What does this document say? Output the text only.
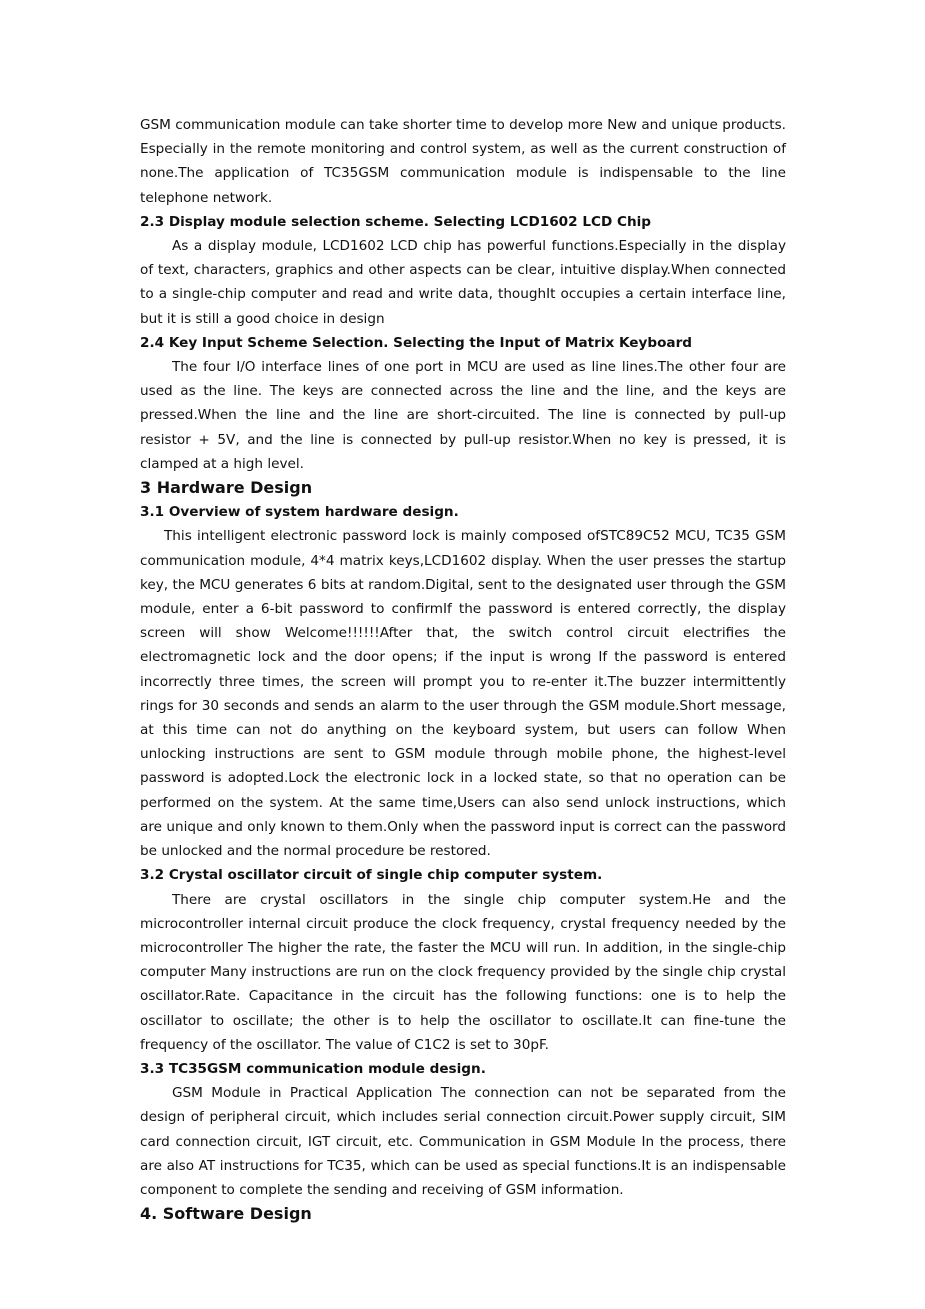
GSM communication module can take shorter time to develop more New and unique products. Especially in the remote monitoring and control system, as well as the current construction of none.The application of TC35GSM communication module is indispensable to the line telephone network.

2.3 Display module selection scheme. Selecting LCD1602 LCD Chip

As a display module, LCD1602 LCD chip has powerful functions.Especially in the display of text, characters, graphics and other aspects can be clear, intuitive display.When connected to a single-chip computer and read and write data, thoughIt occupies a certain interface line, but it is still a good choice in design

2.4 Key Input Scheme Selection. Selecting the Input of Matrix Keyboard

The four I/O interface lines of one port in MCU are used as line lines.The other four are used as the line. The keys are connected across the line and the line, and the keys are pressed.When the line and the line are short-circuited. The line is connected by pull-up resistor + 5V, and the line is connected by pull-up resistor.When no key is pressed, it is clamped at a high level.

3 Hardware Design
3.1 Overview of system hardware design.

This intelligent electronic password lock is mainly composed ofSTC89C52 MCU, TC35 GSM communication module, 4*4 matrix keys,LCD1602 display. When the user presses the startup key, the MCU generates 6 bits at random.Digital, sent to the designated user through the GSM module, enter a 6-bit password to confirmIf the password is entered correctly, the display screen will show Welcome!!!!!!After that, the switch control circuit electrifies the electromagnetic lock and the door opens; if the input is wrong If the password is entered incorrectly three times, the screen will prompt you to re-enter it.The buzzer intermittently rings for 30 seconds and sends an alarm to the user through the GSM module.Short message, at this time can not do anything on the keyboard system, but users can follow When unlocking instructions are sent to GSM module through mobile phone, the highest-level password is adopted.Lock the electronic lock in a locked state, so that no operation can be performed on the system. At the same time,Users can also send unlock instructions, which are unique and only known to them.Only when the password input is correct can the password be unlocked and the normal procedure be restored.

3.2 Crystal oscillator circuit of single chip computer system.

There are crystal oscillators in the single chip computer system.He and the microcontroller internal circuit produce the clock frequency, crystal frequency needed by the microcontroller The higher the rate, the faster the MCU will run. In addition, in the single-chip computer Many instructions are run on the clock frequency provided by the single chip crystal oscillator.Rate. Capacitance in the circuit has the following functions: one is to help the oscillator to oscillate; the other is to help the oscillator to oscillate.It can fine-tune the frequency of the oscillator. The value of C1C2 is set to 30pF.

3.3 TC35GSM communication module design.

GSM Module in Practical Application The connection can not be separated from the design of peripheral circuit, which includes serial connection circuit.Power supply circuit, SIM card connection circuit, IGT circuit, etc. Communication in GSM Module In the process, there are also AT instructions for TC35, which can be used as special functions.It is an indispensable component to complete the sending and receiving of GSM information.

4. Software Design
